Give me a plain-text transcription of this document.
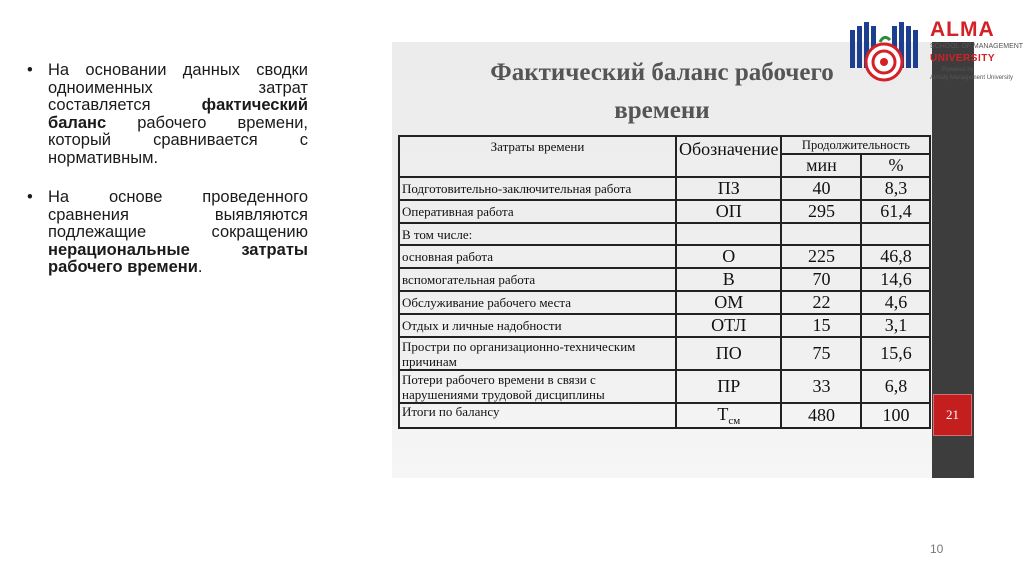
• На основании данных сводки одноименных затрат составляется фактический баланс рабочего времени, который сравнивается с нормативным.
• На основе проведенного сравнения выявляются подлежащие сокращению нерациональные затраты рабочего времени.
Фактический баланс рабочего
времени
Затраты времени	Обозначение	Продолжительность	
		мин	%
Подготовительно-заключительная работа	ПЗ	40	8,3
Оперативная работа	ОП	295	61,4
В том числе:			
основная работа	О	225	46,8
вспомогательная работа	В	70	14,6
Обслуживание рабочего места	ОМ	22	4,6
Отдых и личные надобности	ОТЛ	15	3,1
Простри по организационно-техническим причинам	ПО	75	15,6
Потери рабочего времени в связи с нарушениями трудовой дисциплины	ПР	33	6,8
Итоги по балансу	$Т_{см}$	480	100	21
ALMA
SCHOOL OF MANAGEMENT
UNIVERSITY
Powered by
Almaty Management University
10
